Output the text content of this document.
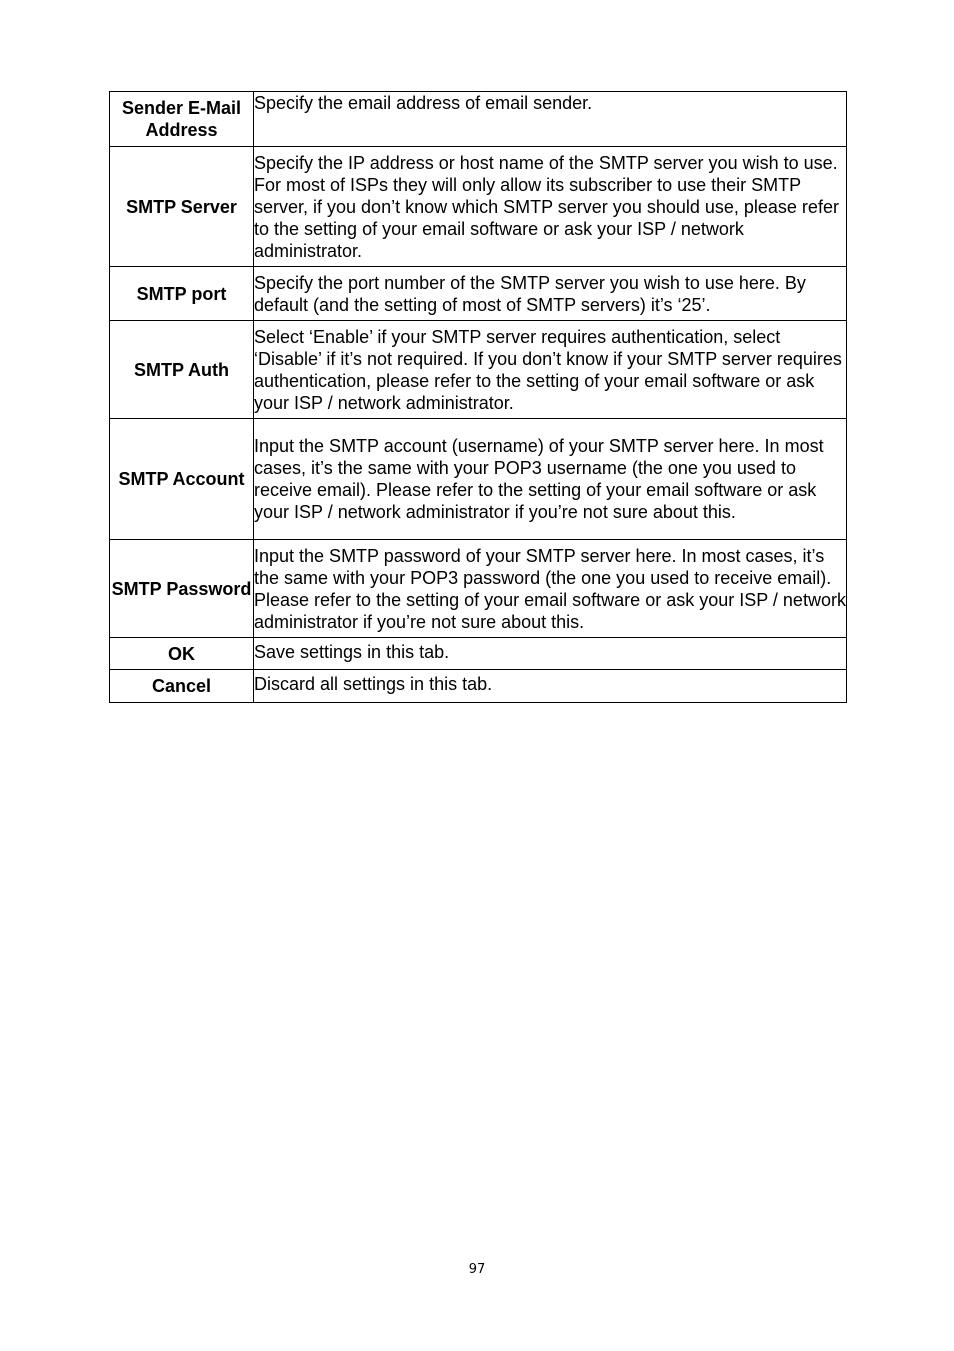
Sender E-Mail Address	Specify the email address of email sender.
SMTP Server	Specify the IP address or host name of the SMTP server you wish to use. For most of ISPs they will only allow its subscriber to use their SMTP server, if you don’t know which SMTP server you should use, please refer to the setting of your email software or ask your ISP / network administrator.
SMTP port	Specify the port number of the SMTP server you wish to use here. By default (and the setting of most of SMTP servers) it’s ‘25’.
SMTP Auth	Select ‘Enable’ if your SMTP server requires authentication, select ‘Disable’ if it’s not required. If you don’t know if your SMTP server requires authentication, please refer to the setting of your email software or ask your ISP / network administrator.
SMTP Account	Input the SMTP account (username) of your SMTP server here. In most cases, it’s the same with your POP3 username (the one you used to receive email). Please refer to the setting of your email software or ask your ISP / network administrator if you’re not sure about this.
SMTP Password	Input the SMTP password of your SMTP server here. In most cases, it’s the same with your POP3 password (the one you used to receive email). Please refer to the setting of your email software or ask your ISP / network administrator if you’re not sure about this.
OK	Save settings in this tab.
Cancel	Discard all settings in this tab.
97
